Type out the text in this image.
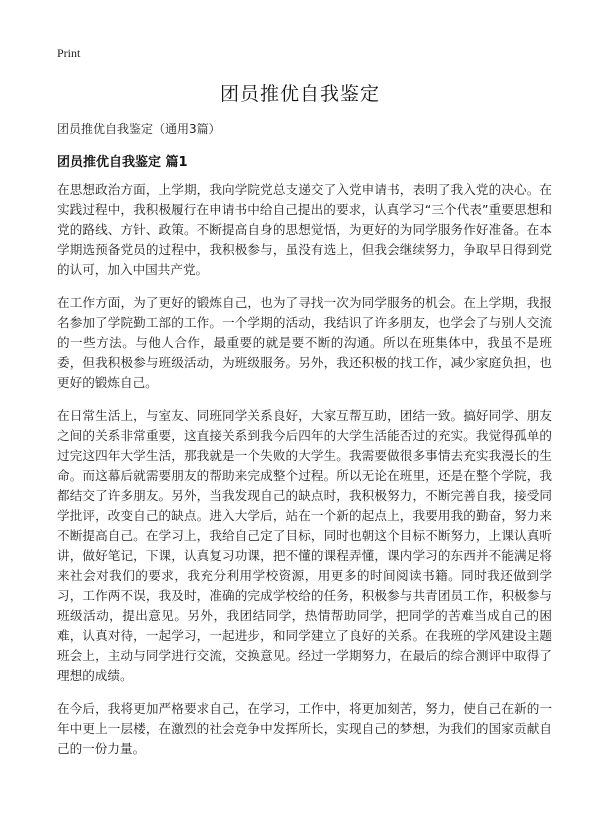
Print
团员推优自我鉴定

团员推优自我鉴定（通用3篇）

团员推优自我鉴定 篇1

在思想政治方面，上学期，我向学院党总支递交了入党申请书，表明了我入党的决心。在实践过程中，我积极履行在申请书中给自己提出的要求，认真学习“三个代表”重要思想和党的路线、方针、政策。不断提高自身的思想觉悟，为更好的为同学服务作好准备。在本学期选预备党员的过程中，我积极参与，虽没有选上，但我会继续努力，争取早日得到党的认可，加入中国共产党。

在工作方面，为了更好的锻炼自己，也为了寻找一次为同学服务的机会。在上学期，我报名参加了学院勤工部的工作。一个学期的活动，我结识了许多朋友，也学会了与别人交流的一些方法。与他人合作，最重要的就是要不断的沟通。所以在班集体中，我虽不是班委，但我积极参与班级活动，为班级服务。另外，我还积极的找工作，减少家庭负担，也更好的锻炼自己。

在日常生活上，与室友、同班同学关系良好，大家互帮互助，团结一致。搞好同学、朋友之间的关系非常重要，这直接关系到我今后四年的大学生活能否过的充实。我觉得孤单的过完这四年大学生活，那我就是一个失败的大学生。我需要做很多事情去充实我漫长的生命。而这幕后就需要朋友的帮助来完成整个过程。所以无论在班里，还是在整个学院，我都结交了许多朋友。另外，当我发现自己的缺点时，我积极努力，不断完善自我，接受同学批评，改变自己的缺点。进入大学后，站在一个新的起点上，我要用我的勤奋，努力来不断提高自己。在学习上，我给自己定了目标，同时也朝这个目标不断努力，上课认真听讲，做好笔记，下课，认真复习功课，把不懂的课程弄懂，课内学习的东西并不能满足将来社会对我们的要求，我充分利用学校资源，用更多的时间阅读书籍。同时我还做到学习，工作两不误，我及时，准确的完成学校给的任务，积极参与共青团员工作，积极参与班级活动，提出意见。另外，我团结同学，热情帮助同学，把同学的苦难当成自己的困难，认真对待，一起学习，一起进步，和同学建立了良好的关系。在我班的学风建设主题班会上，主动与同学进行交流，交换意见。经过一学期努力，在最后的综合测评中取得了理想的成绩。

在今后，我将更加严格要求自己，在学习，工作中，将更加刻苦，努力，使自己在新的一年中更上一层楼，在激烈的社会竞争中发挥所长，实现自己的梦想，为我们的国家贡献自己的一份力量。
